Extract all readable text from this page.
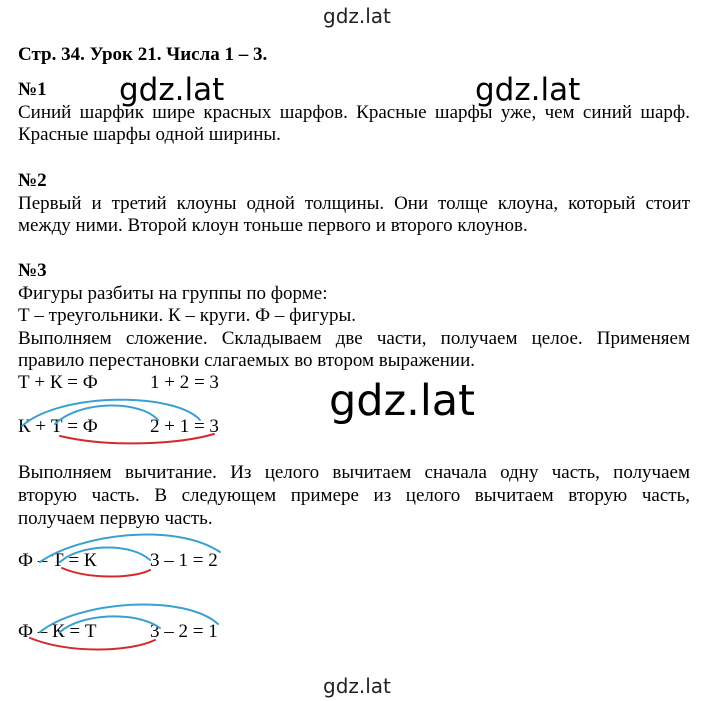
gdz.lat
gdz.lat	gdz.lat
gdz.lat
gdz.lat
Стр. 34. Урок 21. Числа 1 – 3.
№1
Синий шарфик шире красных шарфов. Красные шарфы уже, чем синий шарф.
Красные шарфы одной ширины.
№2
Первый и третий клоуны одной толщины. Они толще клоуна, который стоит
между ними. Второй клоун тоньше первого и второго клоунов.
№3
Фигуры разбиты на группы по форме:
Т – треугольники. К – круги. Ф – фигуры.
Выполняем сложение. Складываем две части, получаем целое. Применяем
правило перестановки слагаемых во втором выражении.
Т + К = Ф	1 + 2 = 3
К + Т = Ф	2 + 1 = 3
Выполняем вычитание. Из целого вычитаем сначала одну часть, получаем
вторую часть. В следующем примере из целого вычитаем вторую часть,
получаем первую часть.
Ф – Т = К	3 – 1 = 2
Ф – К = Т	3 – 2 = 1
